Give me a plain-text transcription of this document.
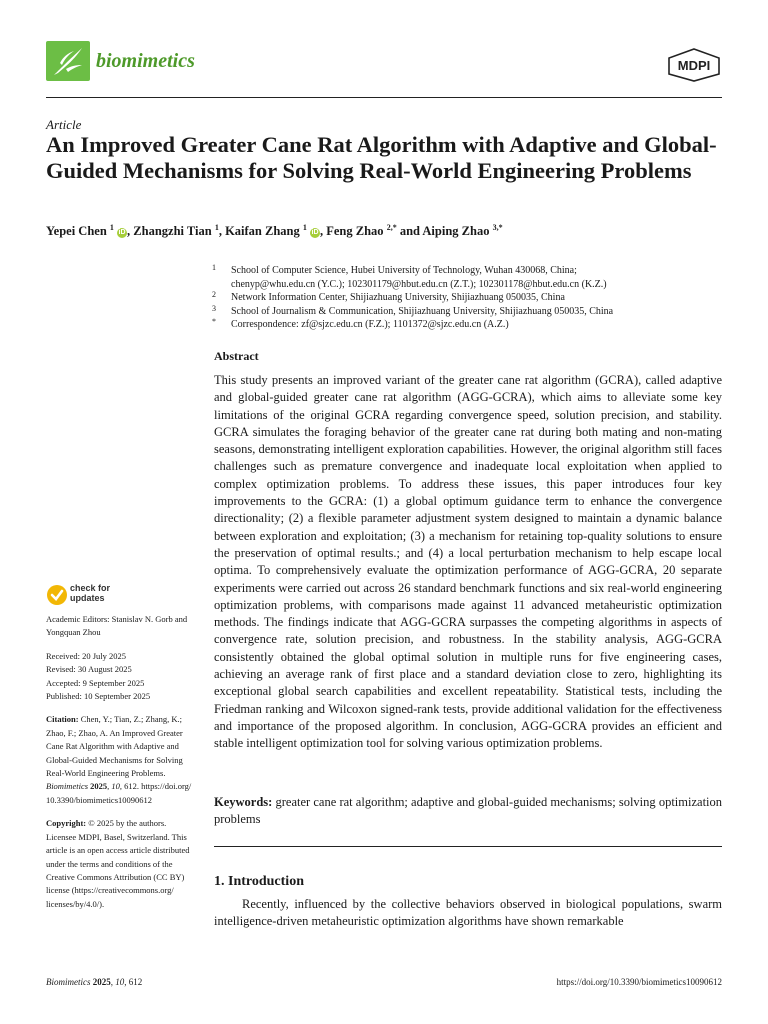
biomimetics	MDPI
Article
An Improved Greater Cane Rat Algorithm with Adaptive and Global-Guided Mechanisms for Solving Real-World Engineering Problems
Yepei Chen $^1$ iD , Zhangzhi Tian $^1$, Kaifan Zhang $^1$ iD , Feng Zhao $^{2,*}$ and Aiping Zhao $^{3,*}$
1 School of Computer Science, Hubei University of Technology, Wuhan 430068, China;
chenyp@whu.edu.cn (Y.C.); 102301179@hbut.edu.cn (Z.T.); 102301178@hbut.edu.cn (K.Z.)
2 Network Information Center, Shijiazhuang University, Shijiazhuang 050035, China
3 School of Journalism & Communication, Shijiazhuang University, Shijiazhuang 050035, China
* Correspondence: zf@sjzc.edu.cn (F.Z.); 1101372@sjzc.edu.cn (A.Z.)
Abstract
This study presents an improved variant of the greater cane rat algorithm (GCRA), called adaptive and global-guided greater cane rat algorithm (AGG-GCRA), which aims to alleviate some key limitations of the original GCRA regarding convergence speed, solution precision, and stability. GCRA simulates the foraging behavior of the greater cane rat during both mating and non-mating seasons, demonstrating intelligent exploration capabilities. However, the original algorithm still faces challenges such as premature convergence and inadequate local exploitation when applied to complex optimization problems. To address these issues, this paper introduces four key improvements to the GCRA: (1) a global optimum guidance term to enhance the convergence directionality; (2) a flexible parameter adjustment system designed to maintain a dynamic balance between exploration and exploitation; (3) a mechanism for retaining top-quality solutions to ensure the preservation of optimal results.; and (4) a local perturbation mechanism to help escape local optima. To comprehensively evaluate the optimization performance of AGG-GCRA, 20 separate experiments were carried out across 26 standard benchmark functions and six real-world engineering optimization problems, with comparisons made against 11 advanced metaheuristic optimization methods. The findings indicate that AGG-GCRA surpasses the competing algorithms in aspects of convergence rate, solution precision, and robustness. In the stability analysis, AGG-GCRA consistently obtained the global optimal solution in multiple runs for five engineering cases, achieving an average rank of first place and a standard deviation close to zero, highlighting its exceptional global search capabilities and excellent repeatability. Statistical tests, including the Friedman ranking and Wilcoxon signed-rank tests, provide additional validation for the effectiveness and importance of the proposed algorithm. In conclusion, AGG-GCRA provides an efficient and stable intelligent optimization tool for solving various optimization problems.
Keywords: greater cane rat algorithm; adaptive and global-guided mechanisms; solving optimization problems
1. Introduction
Recently, influenced by the collective behaviors observed in biological populations, swarm intelligence-driven metaheuristic optimization algorithms have shown remarkable
check for
updates
Academic Editors: Stanislav N. Gorb and Yongquan Zhou
Received: 20 July 2025
Revised: 30 August 2025
Accepted: 9 September 2025
Published: 10 September 2025
Citation: Chen, Y.; Tian, Z.; Zhang, K.; Zhao, F.; Zhao, A. An Improved Greater Cane Rat Algorithm with Adaptive and Global-Guided Mechanisms for Solving Real-World Engineering Problems. Biomimetics 2025, 10, 612. https://doi.org/ 10.3390/biomimetics10090612
Copyright: © 2025 by the authors. Licensee MDPI, Basel, Switzerland. This article is an open access article distributed under the terms and conditions of the Creative Commons Attribution (CC BY) license (https://creativecommons.org/ licenses/by/4.0/).
Biomimetics 2025, 10, 612	https://doi.org/10.3390/biomimetics10090612
